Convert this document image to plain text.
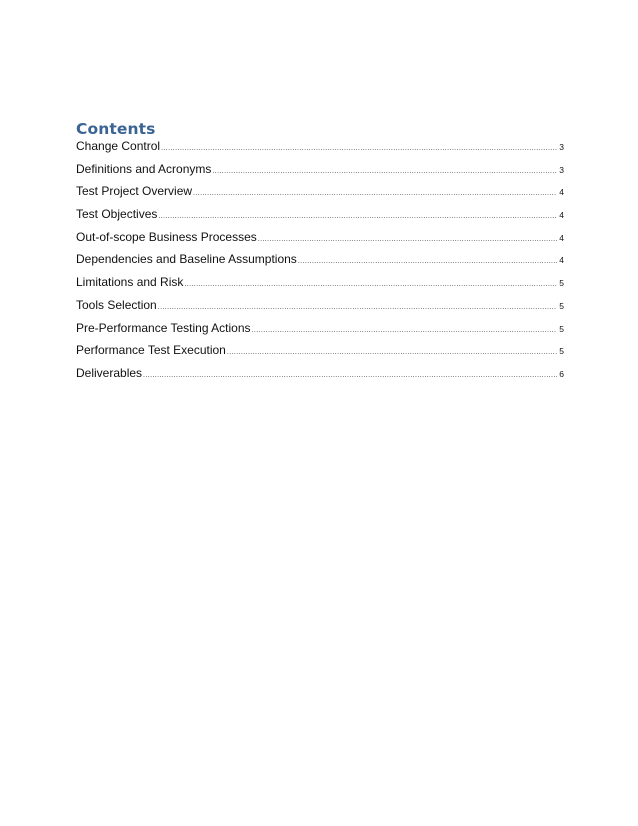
Contents
Change Control .....	3
Definitions and Acronyms .....	3
Test Project Overview .....	4
Test Objectives .....	4
Out-of-scope Business Processes .....	4
Dependencies and Baseline Assumptions .....	4
Limitations and Risk .....	5
Tools Selection .....	5
Pre-Performance Testing Actions .....	5
Performance Test Execution .....	5
Deliverables .....	6
